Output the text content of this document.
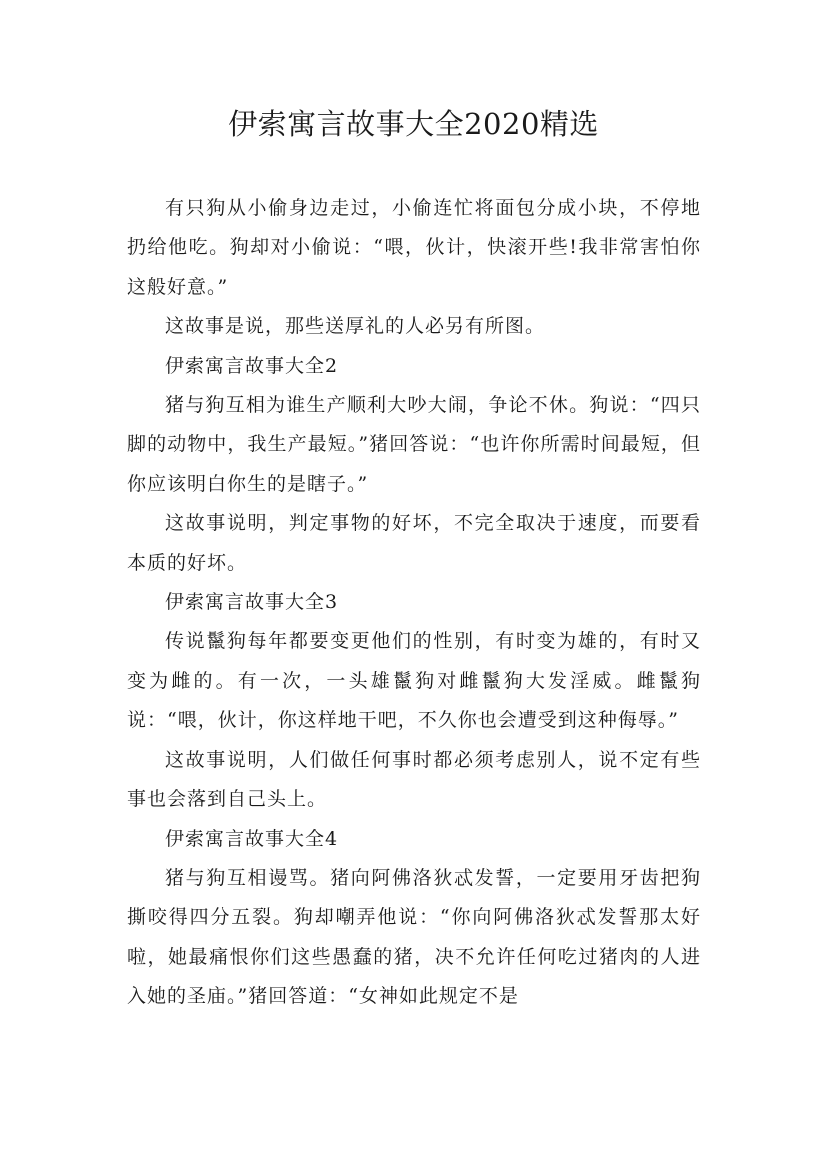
伊索寓言故事大全2020精选

有只狗从小偷身边走过，小偷连忙将面包分成小块，不停地扔给他吃。狗却对小偷说：“喂，伙计，快滚开些!我非常害怕你这般好意。”

这故事是说，那些送厚礼的人必另有所图。

伊索寓言故事大全2

猪与狗互相为谁生产顺利大吵大闹，争论不休。狗说：“四只脚的动物中，我生产最短。”猪回答说：“也许你所需时间最短，但你应该明白你生的是瞎子。”

这故事说明，判定事物的好坏，不完全取决于速度，而要看本质的好坏。

伊索寓言故事大全3

传说鬣狗每年都要变更他们的性别，有时变为雄的，有时又变为雌的。有一次，一头雄鬣狗对雌鬣狗大发淫威。雌鬣狗说：“喂，伙计，你这样地干吧，不久你也会遭受到这种侮辱。”

这故事说明，人们做任何事时都必须考虑别人，说不定有些事也会落到自己头上。

伊索寓言故事大全4

猪与狗互相谩骂。猪向阿佛洛狄忒发誓，一定要用牙齿把狗撕咬得四分五裂。狗却嘲弄他说：“你向阿佛洛狄忒发誓那太好啦，她最痛恨你们这些愚蠢的猪，决不允许任何吃过猪肉的人进入她的圣庙。”猪回答道：“女神如此规定不是
